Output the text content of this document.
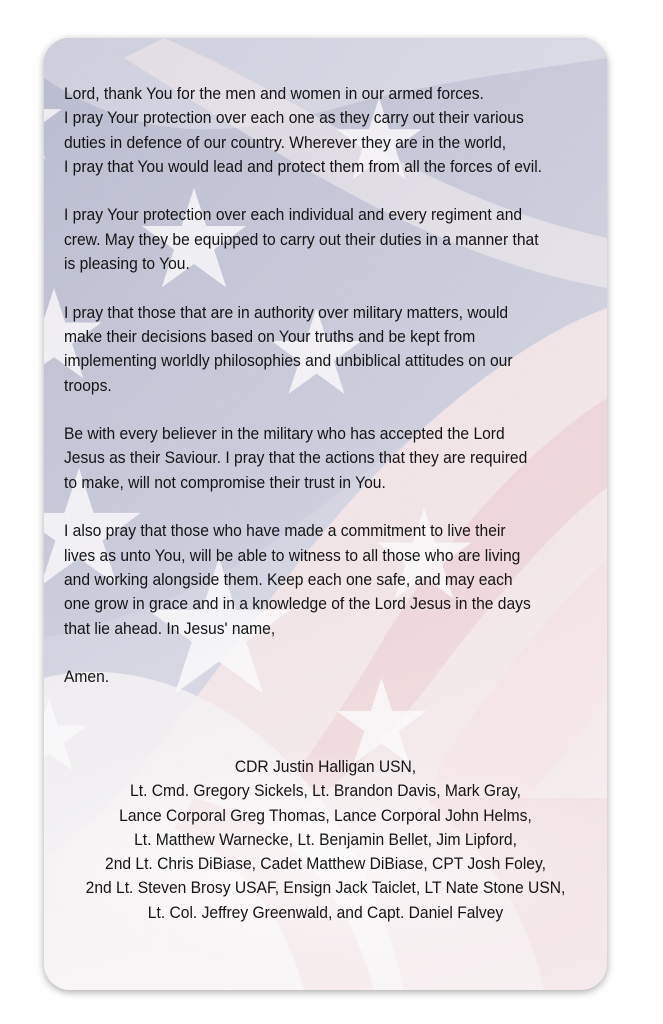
Lord, thank You for the men and women in our armed forces.
I pray Your protection over each one as they carry out their various
duties in defence of our country. Wherever they are in the world,
I pray that You would lead and protect them from all the forces of evil.

I pray Your protection over each individual and every regiment and
crew. May they be equipped to carry out their duties in a manner that
is pleasing to You.

I pray that those that are in authority over military matters, would
make their decisions based on Your truths and be kept from
implementing worldly philosophies and unbiblical attitudes on our
troops.

Be with every believer in the military who has accepted the Lord
Jesus as their Saviour. I pray that the actions that they are required
to make, will not compromise their trust in You.

I also pray that those who have made a commitment to live their
lives as unto You, will be able to witness to all those who are living
and working alongside them. Keep each one safe, and may each
one grow in grace and in a knowledge of the Lord Jesus in the days
that lie ahead. In Jesus' name,

Amen.

CDR Justin Halligan USN,
Lt. Cmd. Gregory Sickels, Lt. Brandon Davis, Mark Gray,
Lance Corporal Greg Thomas, Lance Corporal John Helms,
Lt. Matthew Warnecke, Lt. Benjamin Bellet, Jim Lipford,
2nd Lt. Chris DiBiase, Cadet Matthew DiBiase, CPT Josh Foley,
2nd Lt. Steven Brosy USAF, Ensign Jack Taiclet, LT Nate Stone USN,
Lt. Col. Jeffrey Greenwald, and Capt. Daniel Falvey
